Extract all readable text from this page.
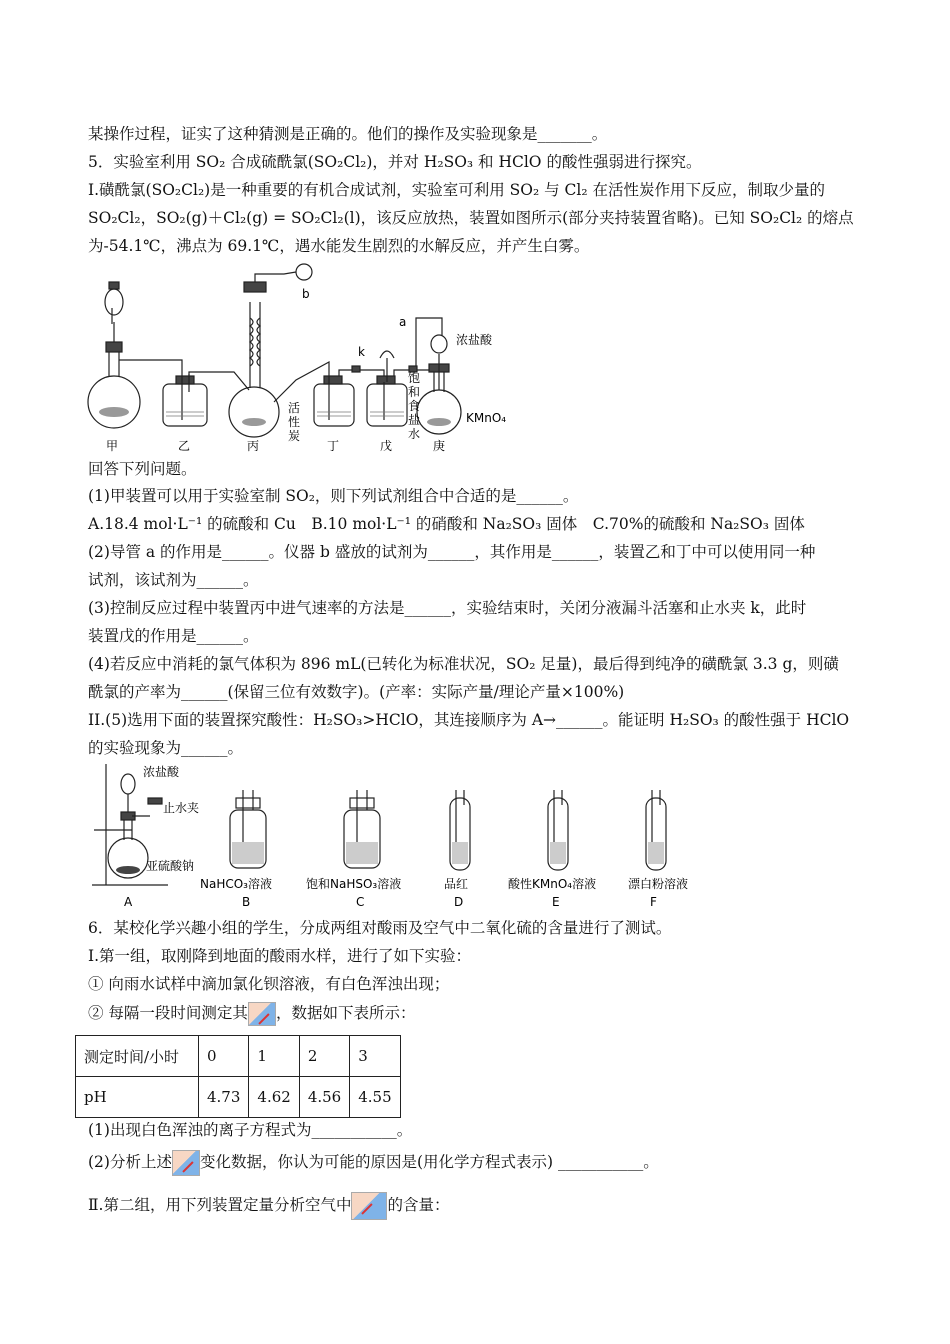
某操作过程，证实了这种猜测是正确的。他们的操作及实验现象是_______。
5．实验室利用 SO₂ 合成硫酰氯(SO₂Cl₂)，并对 H₂SO₃ 和 HClO 的酸性强弱进行探究。
I.磺酰氯(SO₂Cl₂)是一种重要的有机合成试剂，实验室可利用 SO₂ 与 Cl₂ 在活性炭作用下反应，制取少量的
SO₂Cl₂，SO₂(g)＋Cl₂(g) = SO₂Cl₂(l)，该反应放热，装置如图所示(部分夹持装置省略)。已知 SO₂Cl₂ 的熔点
为-54.1℃，沸点为 69.1℃，遇水能发生剧烈的水解反应，并产生白雾。
b
a
k
浓盐酸
KMnO₄
甲	乙	丙	丁	戊	庚
活
性
炭
饱
和
食
盐
水
回答下列问题。
(1)甲装置可以用于实验室制 SO₂，则下列试剂组合中合适的是______。
A.18.4 mol·L⁻¹ 的硫酸和 Cu　B.10 mol·L⁻¹ 的硝酸和 Na₂SO₃ 固体　C.70%的硫酸和 Na₂SO₃ 固体
(2)导管 a 的作用是______。仪器 b 盛放的试剂为______，其作用是______，装置乙和丁中可以使用同一种
试剂，该试剂为______。
(3)控制反应过程中装置丙中进气速率的方法是______，实验结束时，关闭分液漏斗活塞和止水夹 k，此时
装置戊的作用是______。
(4)若反应中消耗的氯气体积为 896 mL(已转化为标准状况，SO₂ 足量)，最后得到纯净的磺酰氯 3.3 g，则磺
酰氯的产率为______(保留三位有效数字)。(产率：实际产量/理论产量×100%)
II.(5)选用下面的装置探究酸性：H₂SO₃>HClO，其连接顺序为 A→______。能证明 H₂SO₃ 的酸性强于 HClO
的实验现象为______。
浓盐酸
止水夹
亚硫酸钠
NaHCO₃溶液	饱和NaHSO₃溶液	品红	酸性KMnO₄溶液	漂白粉溶液
A	B	C	D	E	F
6．某校化学兴趣小组的学生，分成两组对酸雨及空气中二氧化硫的含量进行了测试。
Ⅰ.第一组，取刚降到地面的酸雨水样，进行了如下实验：
① 向雨水试样中滴加氯化钡溶液，有白色浑浊出现；
② 每隔一段时间测定其 ，数据如下表所示：
测定时间/小时	0	1	2	3
pH	4.73	4.62	4.56	4.55
(1)出现白色浑浊的离子方程式为___________。
(2)分析上述 变化数据，你认为可能的原因是(用化学方程式表示) ___________。
Ⅱ.第二组，用下列装置定量分析空气中 的含量：
